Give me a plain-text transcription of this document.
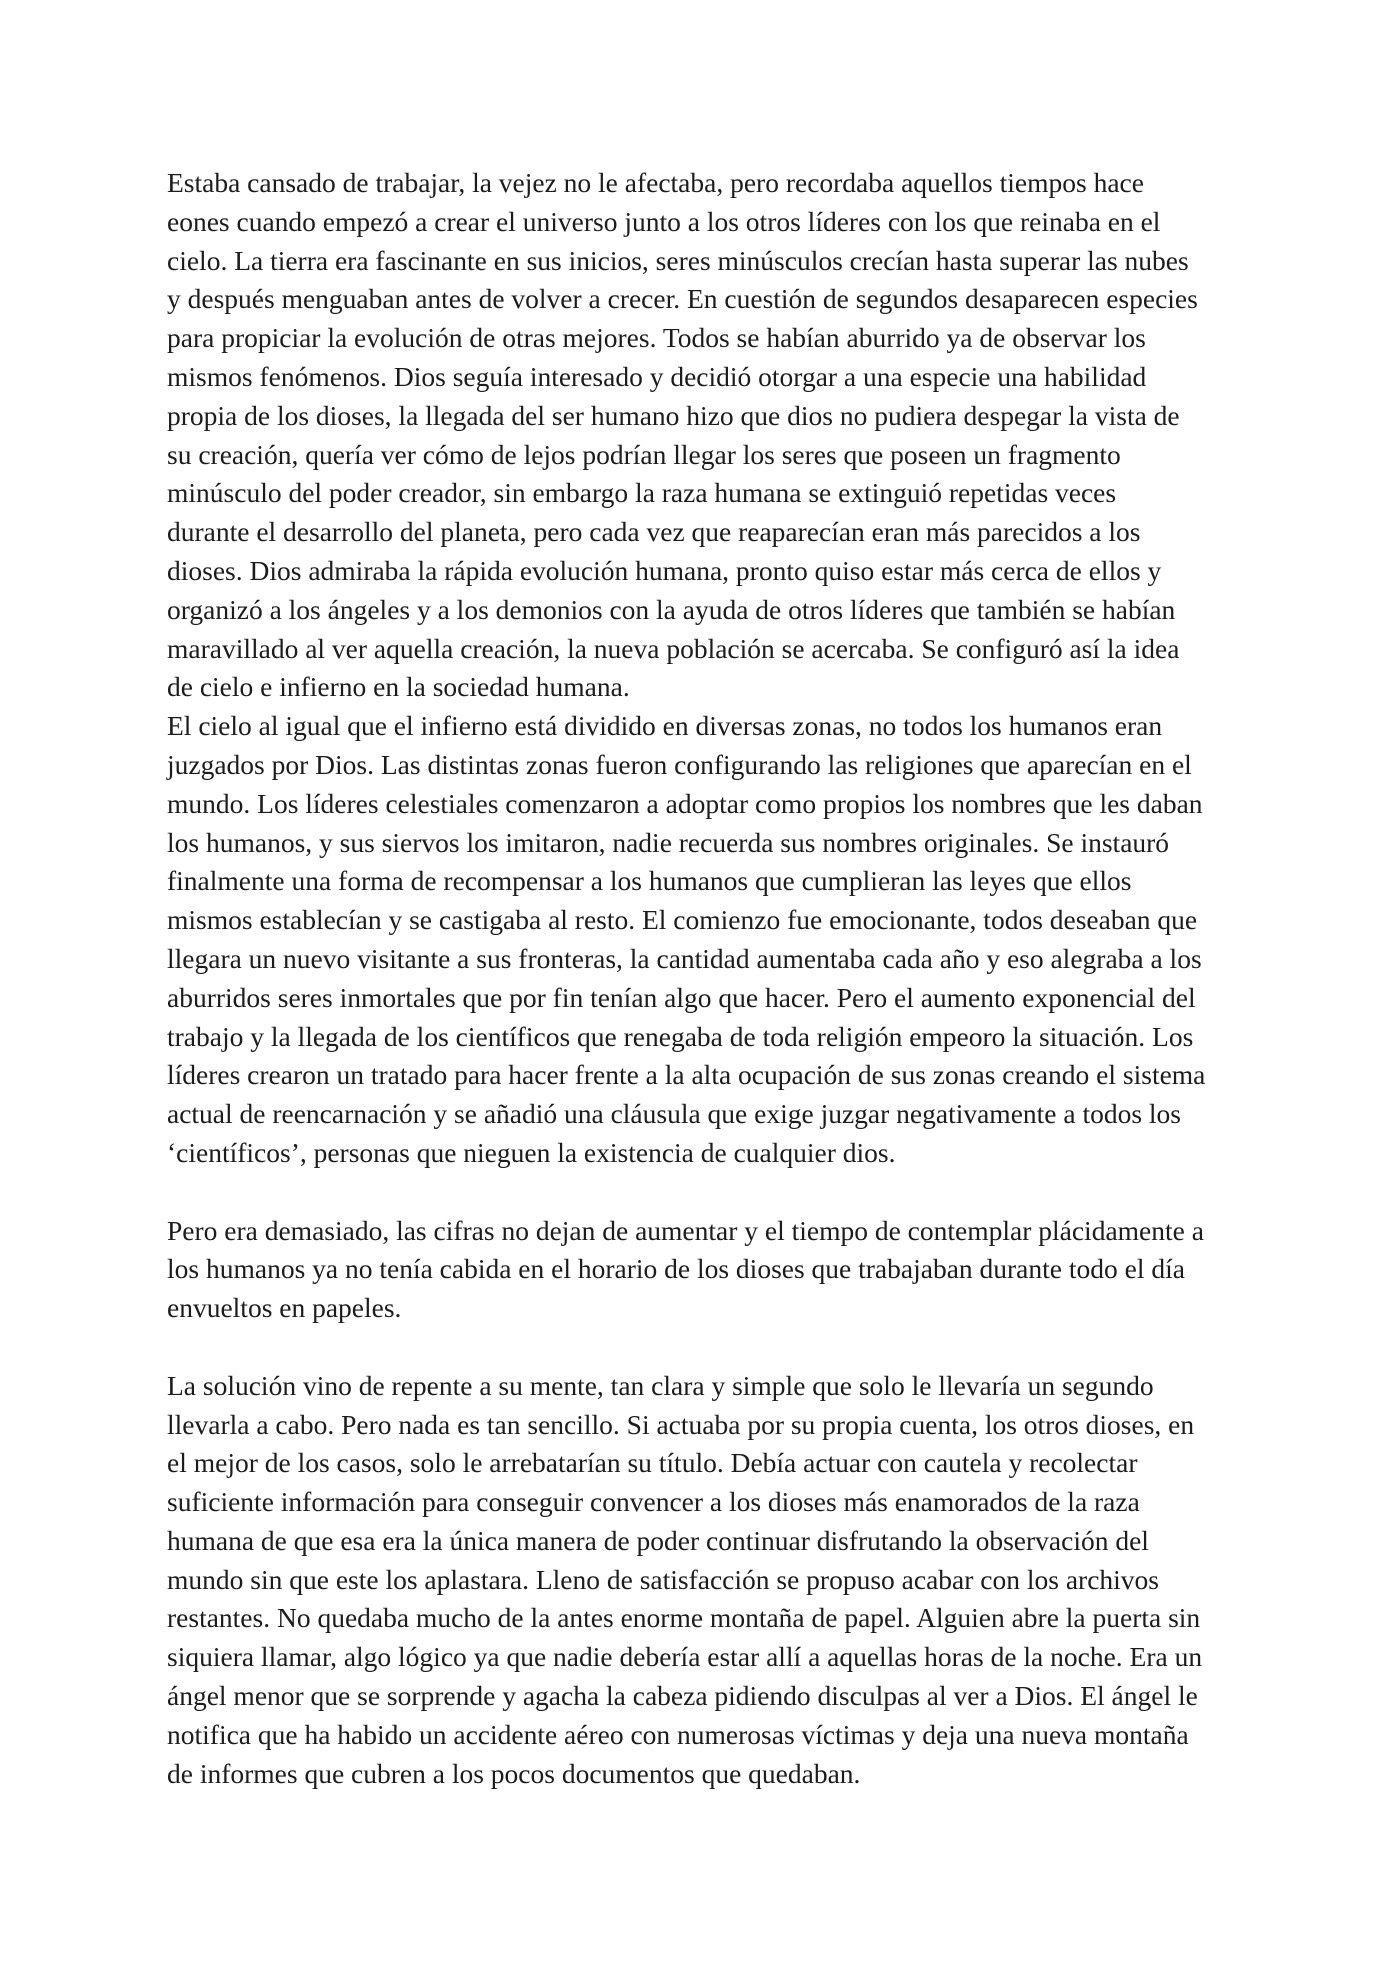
Estaba cansado de trabajar, la vejez no le afectaba, pero recordaba aquellos tiempos hace
eones cuando empezó a crear el universo junto a los otros líderes con los que reinaba en el
cielo. La tierra era fascinante en sus inicios, seres minúsculos crecían hasta superar las nubes
y después menguaban antes de volver a crecer. En cuestión de segundos desaparecen especies
para propiciar la evolución de otras mejores. Todos se habían aburrido ya de observar los
mismos fenómenos. Dios seguía interesado y decidió otorgar a una especie una habilidad
propia de los dioses, la llegada del ser humano hizo que dios no pudiera despegar la vista de
su creación, quería ver cómo de lejos podrían llegar los seres que poseen un fragmento
minúsculo del poder creador, sin embargo la raza humana se extinguió repetidas veces
durante el desarrollo del planeta, pero cada vez que reaparecían eran más parecidos a los
dioses. Dios admiraba la rápida evolución humana, pronto quiso estar más cerca de ellos y
organizó a los ángeles y a los demonios con la ayuda de otros líderes que también se habían
maravillado al ver aquella creación, la nueva población se acercaba. Se configuró así la idea
de cielo e infierno en la sociedad humana.

El cielo al igual que el infierno está dividido en diversas zonas, no todos los humanos eran
juzgados por Dios. Las distintas zonas fueron configurando las religiones que aparecían en el
mundo. Los líderes celestiales comenzaron a adoptar como propios los nombres que les daban
los humanos, y sus siervos los imitaron, nadie recuerda sus nombres originales. Se instauró
finalmente una forma de recompensar a los humanos que cumplieran las leyes que ellos
mismos establecían y se castigaba al resto. El comienzo fue emocionante, todos deseaban que
llegara un nuevo visitante a sus fronteras, la cantidad aumentaba cada año y eso alegraba a los
aburridos seres inmortales que por fin tenían algo que hacer. Pero el aumento exponencial del
trabajo y la llegada de los científicos que renegaba de toda religión empeoro la situación. Los
líderes crearon un tratado para hacer frente a la alta ocupación de sus zonas creando el sistema
actual de reencarnación y se añadió una cláusula que exige juzgar negativamente a todos los
‘científicos’, personas que nieguen la existencia de cualquier dios.

Pero era demasiado, las cifras no dejan de aumentar y el tiempo de contemplar plácidamente a
los humanos ya no tenía cabida en el horario de los dioses que trabajaban durante todo el día
envueltos en papeles.

La solución vino de repente a su mente, tan clara y simple que solo le llevaría un segundo
llevarla a cabo. Pero nada es tan sencillo. Si actuaba por su propia cuenta, los otros dioses, en
el mejor de los casos, solo le arrebatarían su título. Debía actuar con cautela y recolectar
suficiente información para conseguir convencer a los dioses más enamorados de la raza
humana de que esa era la única manera de poder continuar disfrutando la observación del
mundo sin que este los aplastara. Lleno de satisfacción se propuso acabar con los archivos
restantes. No quedaba mucho de la antes enorme montaña de papel. Alguien abre la puerta sin
siquiera llamar, algo lógico ya que nadie debería estar allí a aquellas horas de la noche. Era un
ángel menor que se sorprende y agacha la cabeza pidiendo disculpas al ver a Dios. El ángel le
notifica que ha habido un accidente aéreo con numerosas víctimas y deja una nueva montaña
de informes que cubren a los pocos documentos que quedaban.
